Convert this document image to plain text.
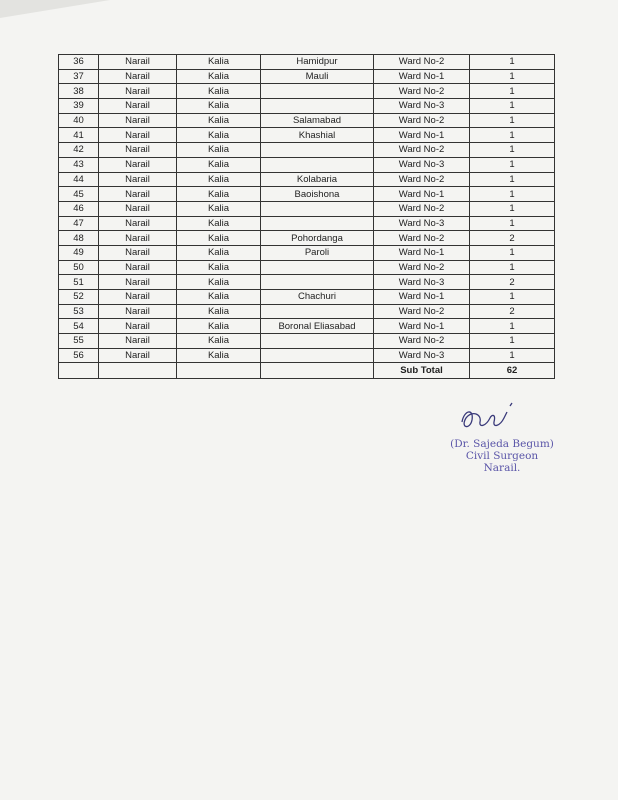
36	Narail	Kalia	Hamidpur	Ward No-2	1
37	Narail	Kalia	Mauli	Ward No-1	1
38	Narail	Kalia		Ward No-2	1
39	Narail	Kalia		Ward No-3	1
40	Narail	Kalia	Salamabad	Ward No-2	1
41	Narail	Kalia	Khashial	Ward No-1	1
42	Narail	Kalia		Ward No-2	1
43	Narail	Kalia		Ward No-3	1
44	Narail	Kalia	Kolabaria	Ward No-2	1
45	Narail	Kalia	Baoishona	Ward No-1	1
46	Narail	Kalia		Ward No-2	1
47	Narail	Kalia		Ward No-3	1
48	Narail	Kalia	Pohordanga	Ward No-2	2
49	Narail	Kalia	Paroli	Ward No-1	1
50	Narail	Kalia		Ward No-2	1
51	Narail	Kalia		Ward No-3	2
52	Narail	Kalia	Chachuri	Ward No-1	1
53	Narail	Kalia		Ward No-2	2
54	Narail	Kalia	Boronal Eliasabad	Ward No-1	1
55	Narail	Kalia		Ward No-2	1
56	Narail	Kalia		Ward No-3	1
				Sub Total	62
(Dr. Sajeda Begum)
Civil Surgeon
Narail.
